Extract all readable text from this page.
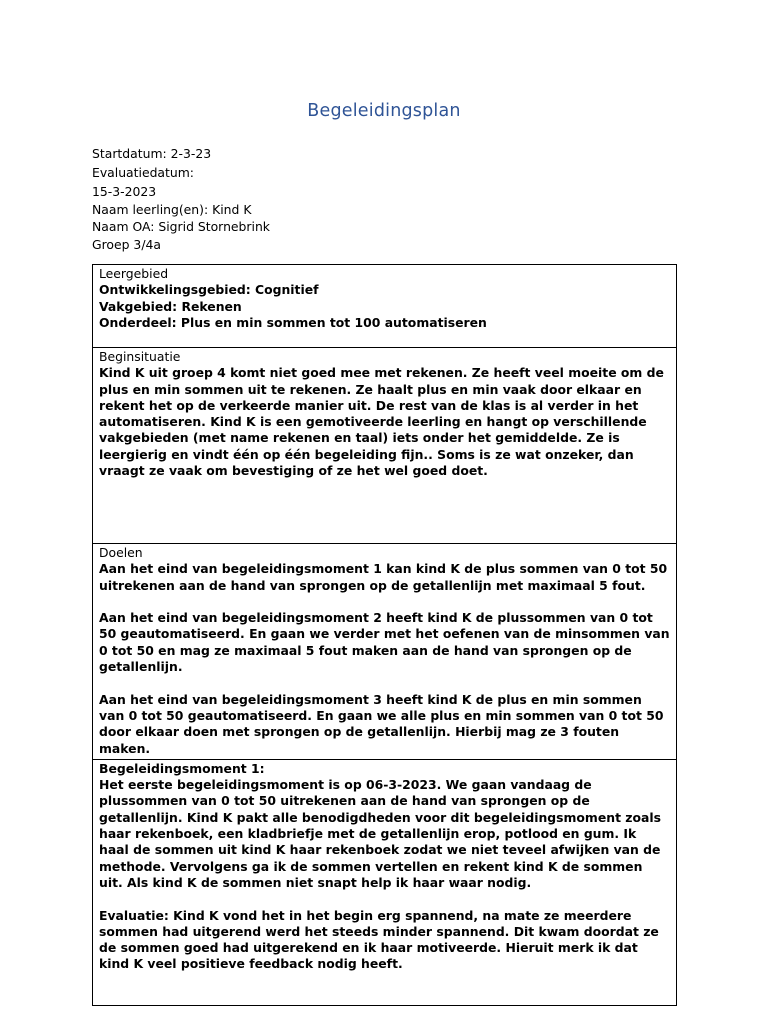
Begeleidingsplan
Startdatum: 2-3-23
Evaluatiedatum:
15-3-2023
Naam leerling(en): Kind K
Naam OA: Sigrid Stornebrink
Groep 3/4a
Leergebied
Ontwikkelingsgebied: Cognitief
Vakgebied: Rekenen
Onderdeel: Plus en min sommen tot 100 automatiseren

Beginsituatie
Kind K uit groep 4 komt niet goed mee met rekenen. Ze heeft veel moeite om de plus en min sommen uit te rekenen. Ze haalt plus en min vaak door elkaar en rekent het op de verkeerde manier uit. De rest van de klas is al verder in het automatiseren. Kind K is een gemotiveerde leerling en hangt op verschillende vakgebieden (met name rekenen en taal) iets onder het gemiddelde. Ze is leergierig en vindt één op één begeleiding fijn.. Soms is ze wat onzeker, dan vraagt ze vaak om bevestiging of ze het wel goed doet.

Doelen
Aan het eind van begeleidingsmoment 1 kan kind K de plus sommen van 0 tot 50 uitrekenen aan de hand van sprongen op de getallenlijn met maximaal 5 fout.
Aan het eind van begeleidingsmoment 2 heeft kind K de plussommen van 0 tot 50 geautomatiseerd. En gaan we verder met het oefenen van de minsommen van 0 tot 50 en mag ze maximaal 5 fout maken aan de hand van sprongen op de getallenlijn.
Aan het eind van begeleidingsmoment 3 heeft kind K de plus en min sommen van 0 tot 50 geautomatiseerd. En gaan we alle plus en min sommen van 0 tot 50 door elkaar doen met sprongen op de getallenlijn. Hierbij mag ze 3 fouten maken.

Begeleidingsmoment 1:
Het eerste begeleidingsmoment is op 06-3-2023. We gaan vandaag de plussommen van 0 tot 50 uitrekenen aan de hand van sprongen op de getallenlijn. Kind K pakt alle benodigdheden voor dit begeleidingsmoment zoals haar rekenboek, een kladbriefje met de getallenlijn erop, potlood en gum. Ik haal de sommen uit kind K haar rekenboek zodat we niet teveel afwijken van de methode. Vervolgens ga ik de sommen vertellen en rekent kind K de sommen uit. Als kind K de sommen niet snapt help ik haar waar nodig.
Evaluatie: Kind K vond het in het begin erg spannend, na mate ze meerdere sommen had uitgerend werd het steeds minder spannend. Dit kwam doordat ze de sommen goed had uitgerekend en ik haar motiveerde. Hieruit merk ik dat kind K veel positieve feedback nodig heeft.
